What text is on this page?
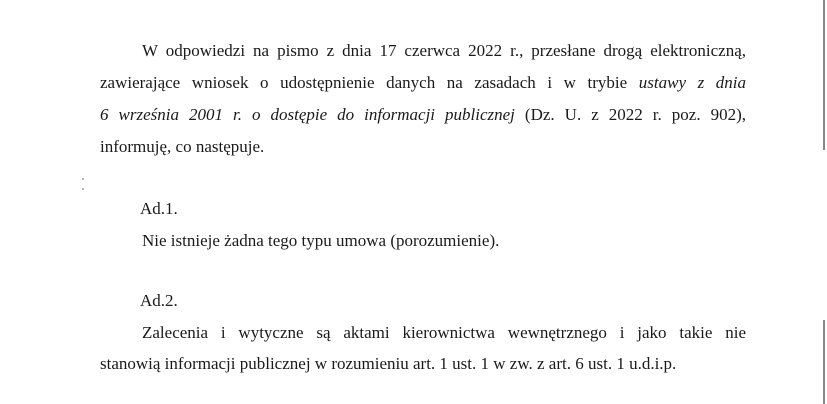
W odpowiedzi na pismo z dnia 17 czerwca 2022 r., przesłane drogą elektroniczną,
zawierające wniosek o udostępnienie danych na zasadach i w trybie ustawy z dnia
6 września 2001 r. o dostępie do informacji publicznej (Dz. U. z 2022 r. poz. 902),
informuję, co następuje.
Ad.1.
Nie istnieje żadna tego typu umowa (porozumienie).
Ad.2.
Zalecenia i wytyczne są aktami kierownictwa wewnętrznego i jako takie nie
stanowią informacji publicznej w rozumieniu art. 1 ust. 1 w zw. z art. 6 ust. 1 u.d.i.p.
